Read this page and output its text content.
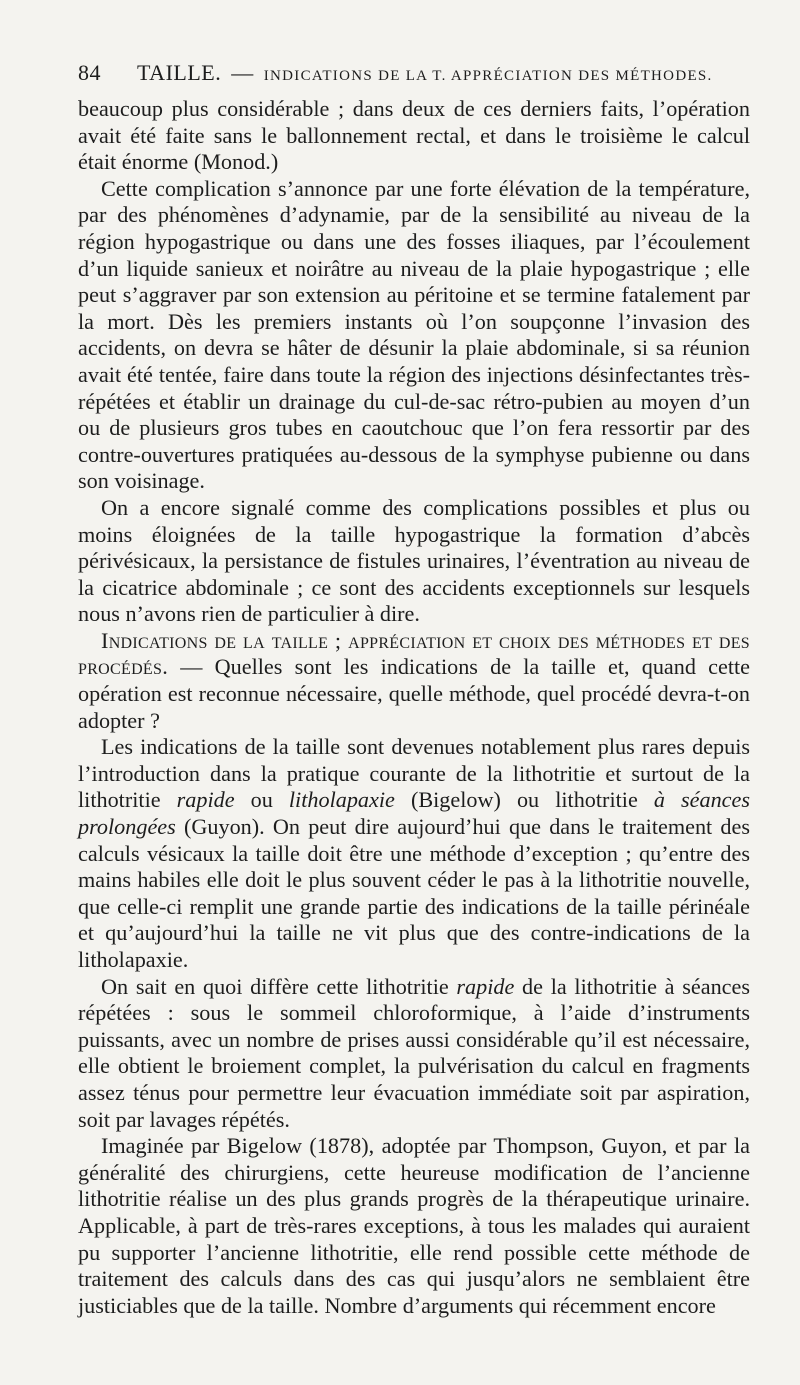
84 TAILLE. — INDICATIONS DE LA T. APPRÉCIATION DES MÉTHODES.

beaucoup plus considérable ; dans deux de ces derniers faits, l’opération avait été faite sans le ballonnement rectal, et dans le troisième le calcul était énorme (Monod.)

Cette complication s’annonce par une forte élévation de la température, par des phénomènes d’adynamie, par de la sensibilité au niveau de la région hypogastrique ou dans une des fosses iliaques, par l’écoulement d’un liquide sanieux et noirâtre au niveau de la plaie hypogastrique ; elle peut s’aggraver par son extension au péritoine et se termine fatalement par la mort. Dès les premiers instants où l’on soupçonne l’invasion des accidents, on devra se hâter de désunir la plaie abdominale, si sa réunion avait été tentée, faire dans toute la région des injections désinfectantes très-répétées et établir un drainage du cul-de-sac rétro-pubien au moyen d’un ou de plusieurs gros tubes en caoutchouc que l’on fera ressortir par des contre-ouvertures pratiquées au-dessous de la symphyse pubienne ou dans son voisinage.

On a encore signalé comme des complications possibles et plus ou moins éloignées de la taille hypogastrique la formation d’abcès périvésicaux, la persistance de fistules urinaires, l’éventration au niveau de la cicatrice abdominale ; ce sont des accidents exceptionnels sur lesquels nous n’avons rien de particulier à dire.

Indications de la taille ; appréciation et choix des méthodes et des procédés. — Quelles sont les indications de la taille et, quand cette opération est reconnue nécessaire, quelle méthode, quel procédé devra-t-on adopter ?

Les indications de la taille sont devenues notablement plus rares depuis l’introduction dans la pratique courante de la lithotritie et surtout de la lithotritie rapide ou litholapaxie (Bigelow) ou lithotritie à séances prolongées (Guyon). On peut dire aujourd’hui que dans le traitement des calculs vésicaux la taille doit être une méthode d’exception ; qu’entre des mains habiles elle doit le plus souvent céder le pas à la lithotritie nouvelle, que celle-ci remplit une grande partie des indications de la taille périnéale et qu’aujourd’hui la taille ne vit plus que des contre-indications de la litholapaxie.

On sait en quoi diffère cette lithotritie rapide de la lithotritie à séances répétées : sous le sommeil chloroformique, à l’aide d’instruments puissants, avec un nombre de prises aussi considérable qu’il est nécessaire, elle obtient le broiement complet, la pulvérisation du calcul en fragments assez ténus pour permettre leur évacuation immédiate soit par aspiration, soit par lavages répétés.

Imaginée par Bigelow (1878), adoptée par Thompson, Guyon, et par la généralité des chirurgiens, cette heureuse modification de l’ancienne lithotritie réalise un des plus grands progrès de la thérapeutique urinaire. Applicable, à part de très-rares exceptions, à tous les malades qui auraient pu supporter l’ancienne lithotritie, elle rend possible cette méthode de traitement des calculs dans des cas qui jusqu’alors ne semblaient être justiciables que de la taille. Nombre d’arguments qui récemment encore
